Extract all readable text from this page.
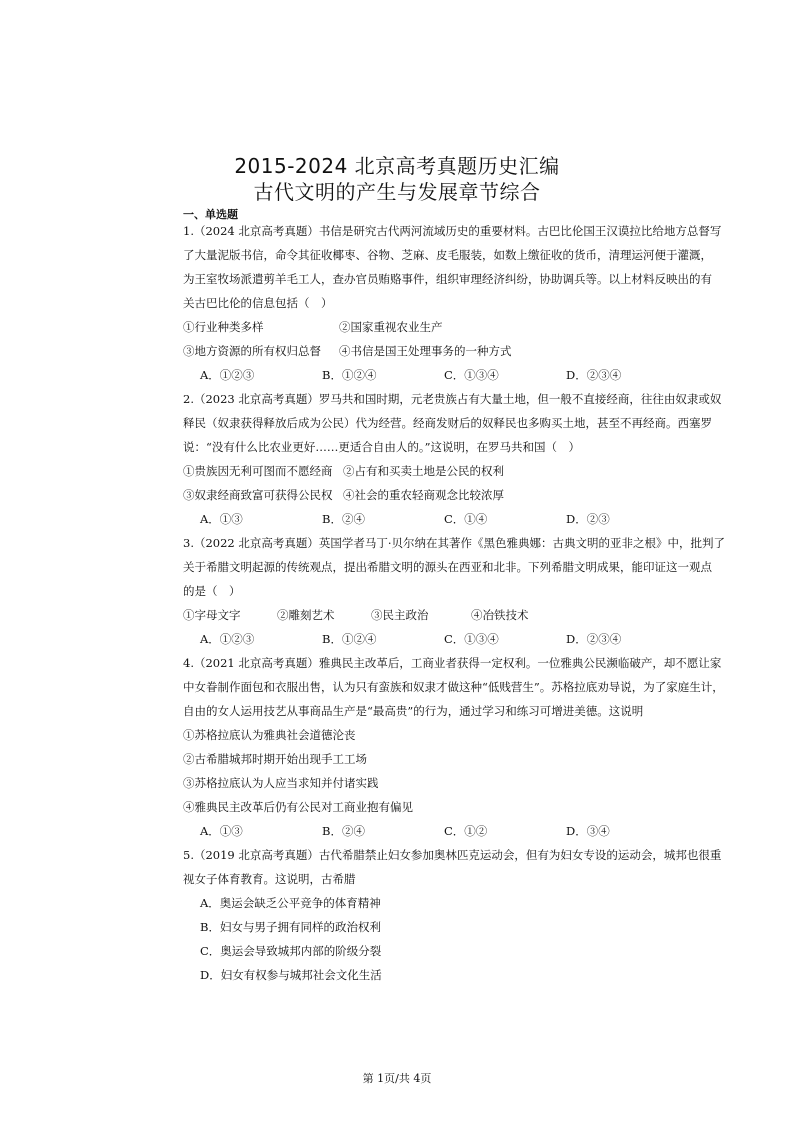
2015-2024 北京高考真题历史汇编
古代文明的产生与发展章节综合
一、单选题
1.（2024 北京高考真题）书信是研究古代两河流域历史的重要材料。古巴比伦国王汉谟拉比给地方总督写
了大量泥版书信，命令其征收椰枣、谷物、芝麻、皮毛服装，如数上缴征收的货币，清理运河便于灌溉，
为王室牧场派遣剪羊毛工人，查办官员贿赂事件，组织审理经济纠纷，协助调兵等。以上材料反映出的有
关古巴比伦的信息包括（　）
①行业种类多样	②国家重视农业生产
③地方资源的所有权归总督 ④书信是国王处理事务的一种方式
A．①②③	B．①②④	C．①③④	D．②③④
2.（2023 北京高考真题）罗马共和国时期，元老贵族占有大量土地，但一般不直接经商，往往由奴隶或奴
释民（奴隶获得释放后成为公民）代为经营。经商发财后的奴释民也多购买土地，甚至不再经商。西塞罗
说：“没有什么比农业更好……更适合自由人的。”这说明，在罗马共和国（　）
①贵族因无利可图而不愿经商 ②占有和买卖土地是公民的权利
③奴隶经商致富可获得公民权 ④社会的重农轻商观念比较浓厚
A．①③	B．②④	C．①④	D．②③
3.（2022 北京高考真题）英国学者马丁·贝尔纳在其著作《黑色雅典娜：古典文明的亚非之根》中，批判了
关于希腊文明起源的传统观点，提出希腊文明的源头在西亚和北非。下列希腊文明成果，能印证这一观点
的是（　）
①字母文字	②雕刻艺术	③民主政治	④冶铁技术
A．①②③	B．①②④	C．①③④	D．②③④
4.（2021 北京高考真题）雅典民主改革后，工商业者获得一定权利。一位雅典公民濒临破产，却不愿让家
中女眷制作面包和衣服出售，认为只有蛮族和奴隶才做这种“低贱营生”。苏格拉底劝导说，为了家庭生计，
自由的女人运用技艺从事商品生产是“最高贵”的行为，通过学习和练习可增进美德。这说明
①苏格拉底认为雅典社会道德沦丧
②古希腊城邦时期开始出现手工工场
③苏格拉底认为人应当求知并付诸实践
④雅典民主改革后仍有公民对工商业抱有偏见
A．①③	B．②④	C．①②	D．③④
5.（2019 北京高考真题）古代希腊禁止妇女参加奥林匹克运动会，但有为妇女专设的运动会，城邦也很重
视女子体育教育。这说明，古希腊
A．奥运会缺乏公平竞争的体育精神
B．妇女与男子拥有同样的政治权利
C．奥运会导致城邦内部的阶级分裂
D．妇女有权参与城邦社会文化生活
第 1页/共 4页
